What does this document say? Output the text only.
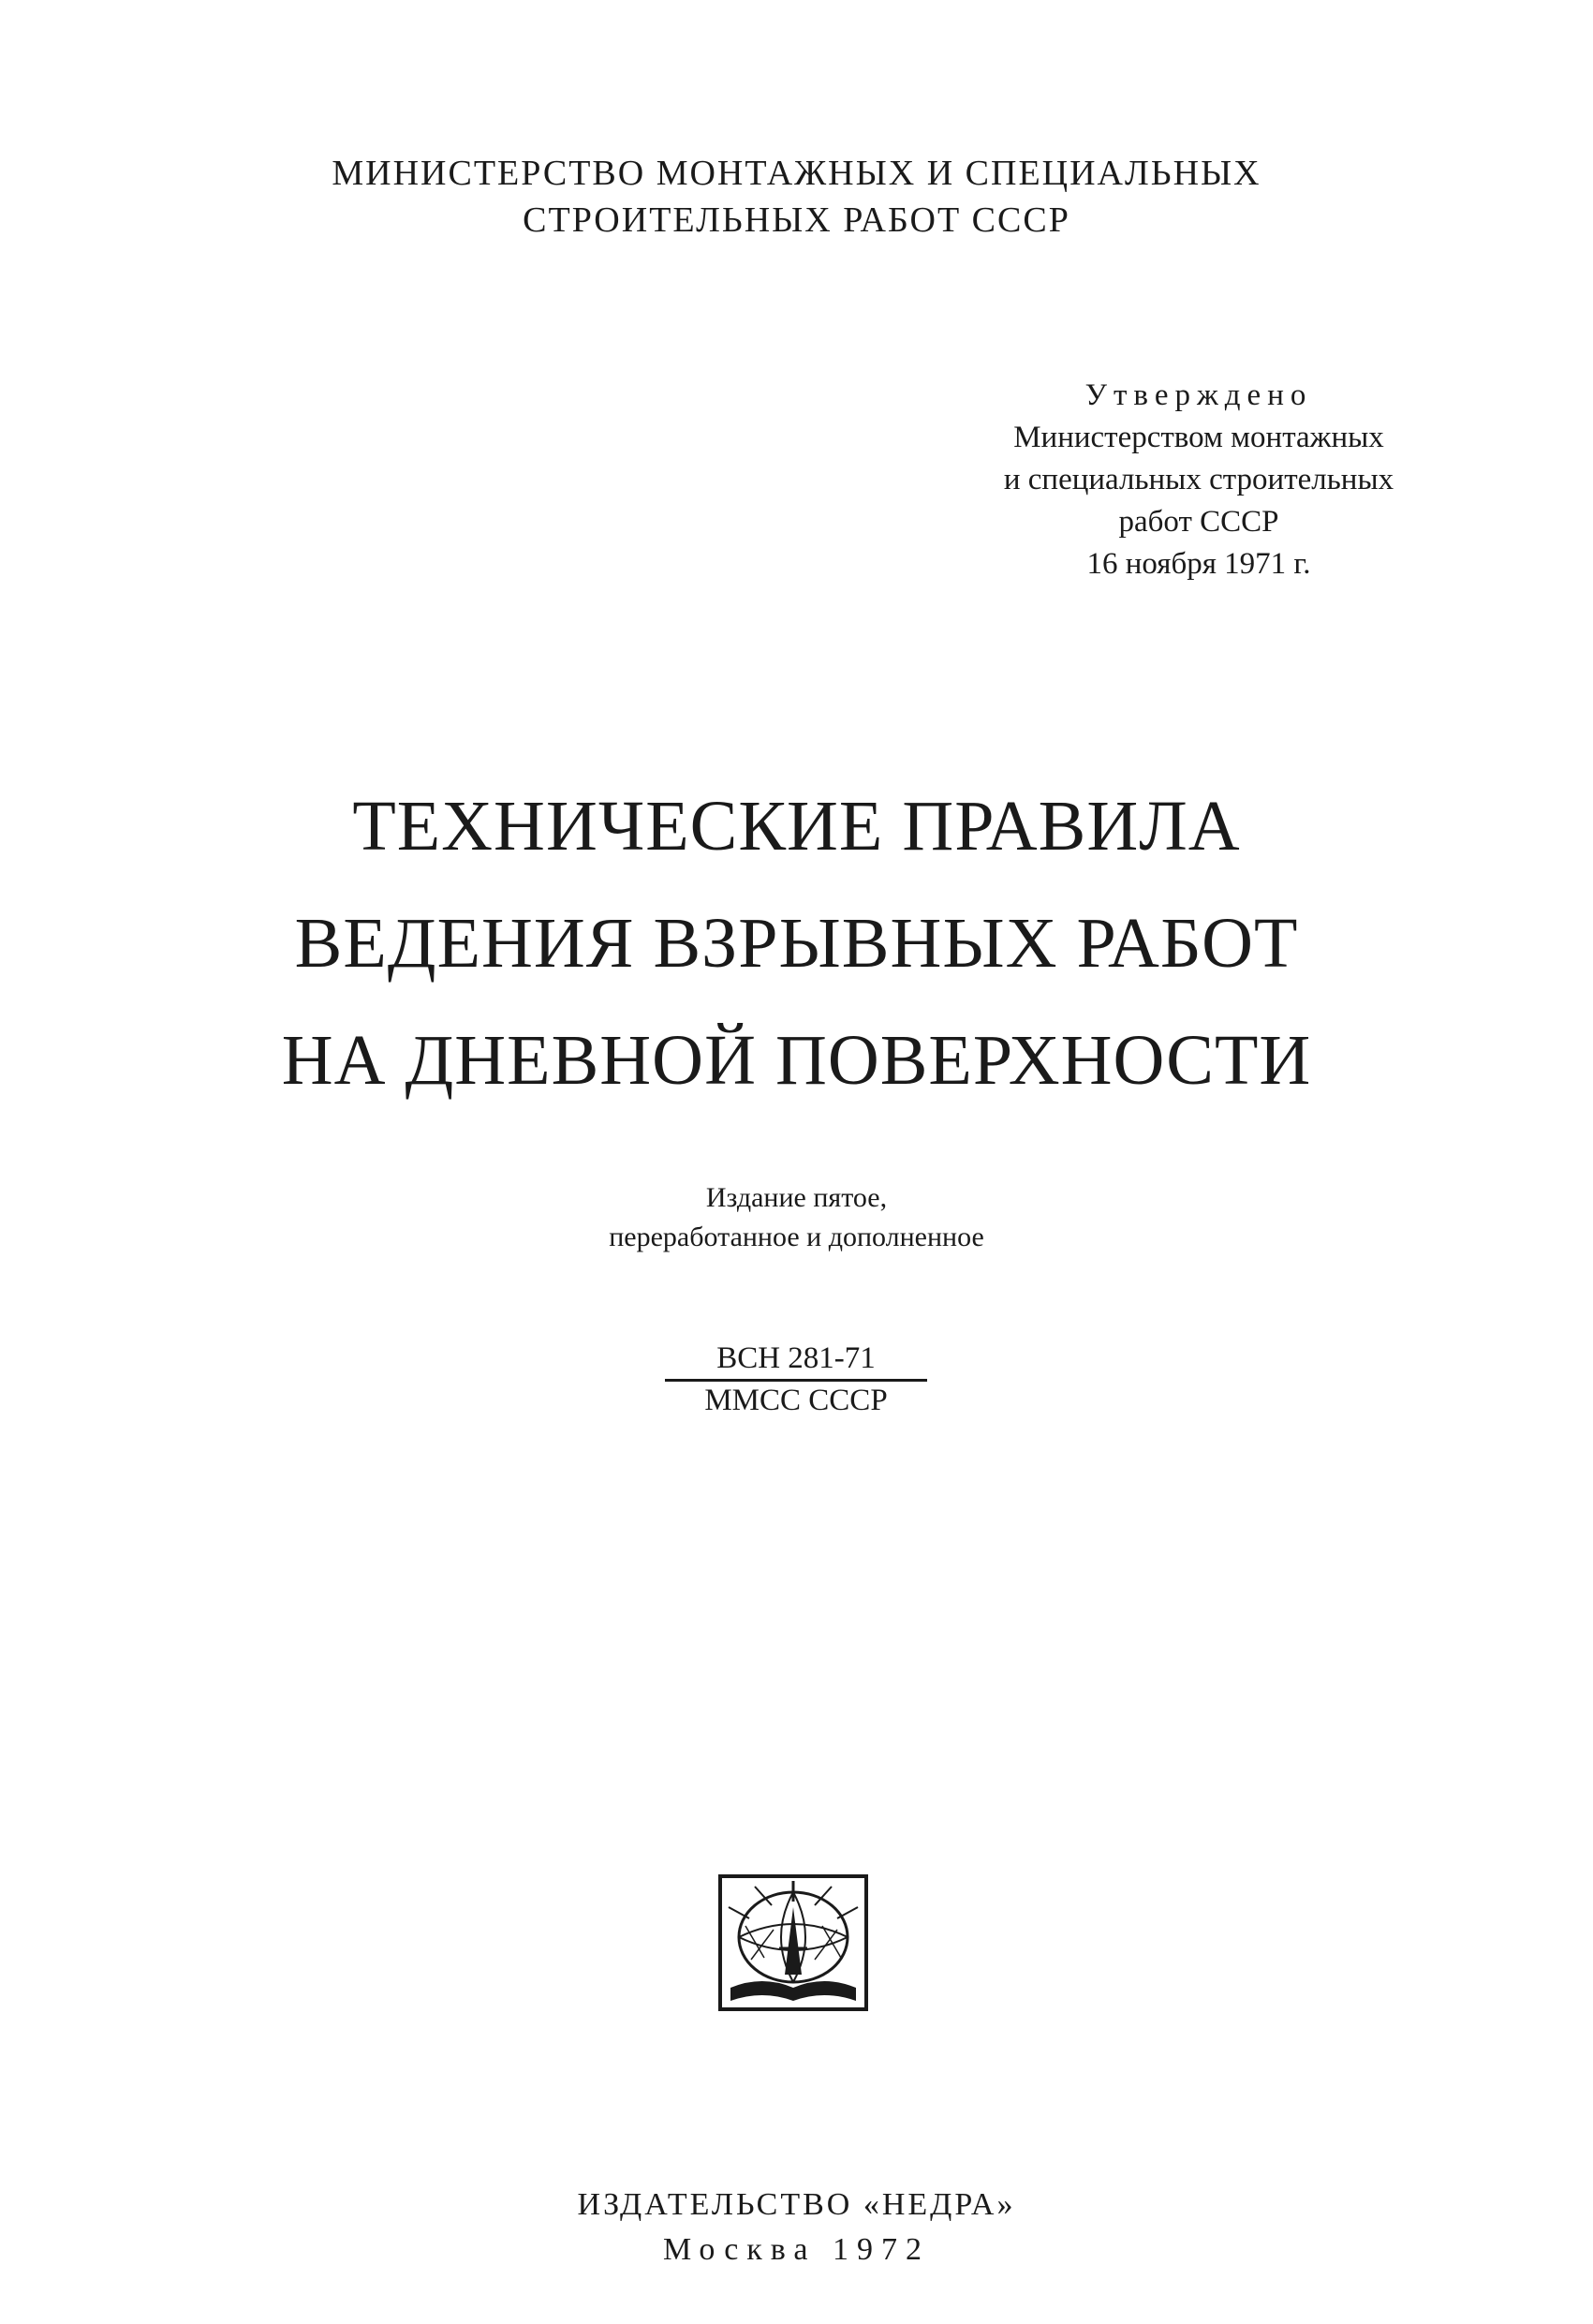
МИНИСТЕРСТВО МОНТАЖНЫХ И СПЕЦИАЛЬНЫХ
СТРОИТЕЛЬНЫХ РАБОТ СССР
Утверждено
Министерством монтажных
и специальных строительных
работ СССР
16 ноября 1971 г.
ТЕХНИЧЕСКИЕ ПРАВИЛА
ВЕДЕНИЯ ВЗРЫВНЫХ РАБОТ
НА ДНЕВНОЙ ПОВЕРХНОСТИ
Издание пятое,
переработанное и дополненное
ВСН 281-71
ММСС СССР
ИЗДАТЕЛЬСТВО «НЕДРА»
Москва 1972
